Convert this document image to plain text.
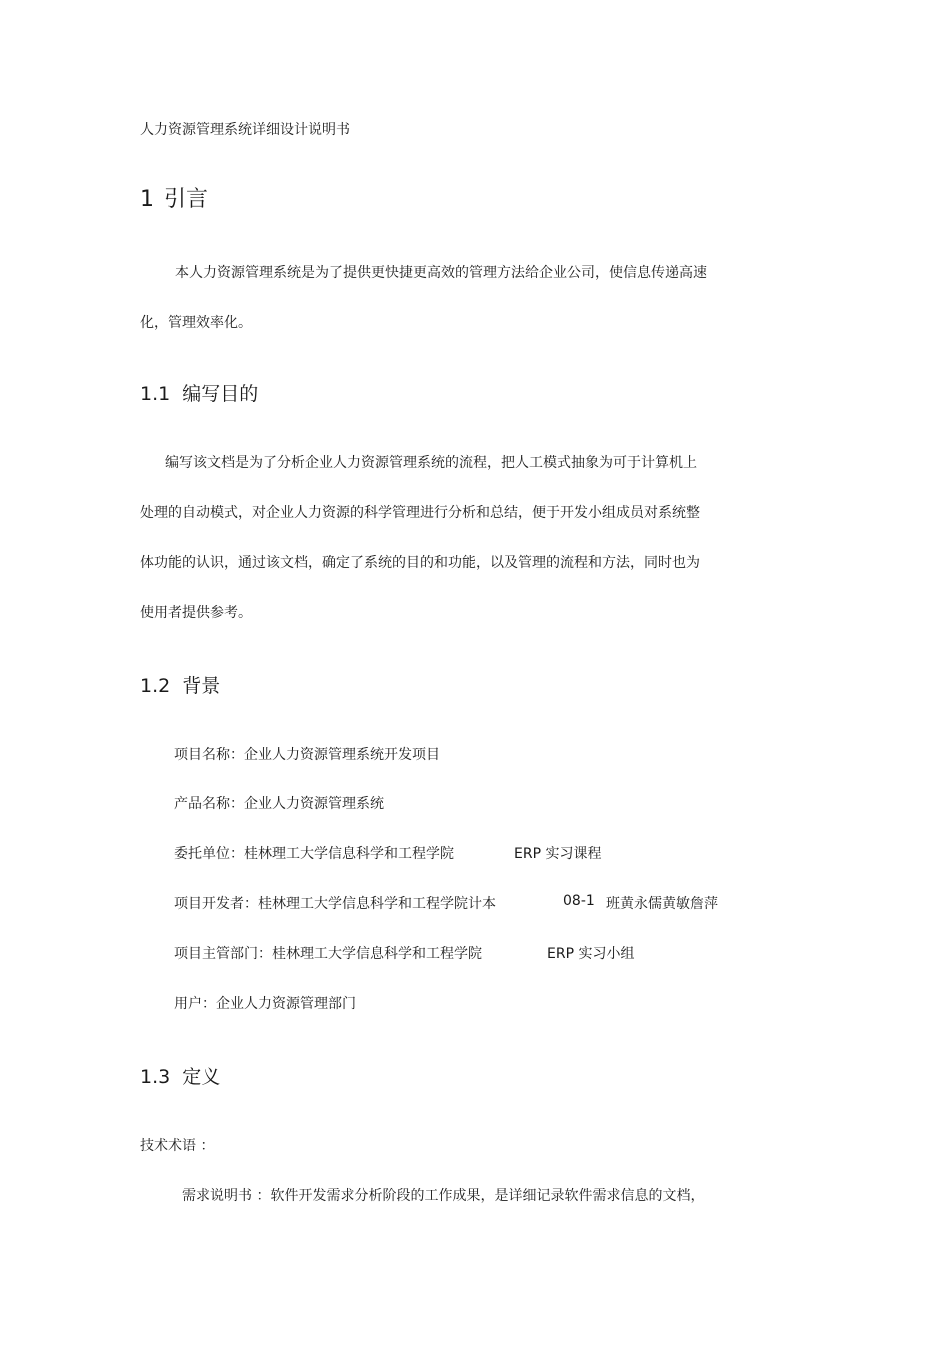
人力资源管理系统详细设计说明书

1 引言

本人力资源管理系统是为了提供更快捷更高效的管理方法给企业公司，使信息传递高速

化，管理效率化。

1.1 编写目的

编写该文档是为了分析企业人力资源管理系统的流程，把人工模式抽象为可于计算机上

处理的自动模式，对企业人力资源的科学管理进行分析和总结，便于开发小组成员对系统整

体功能的认识，通过该文档，确定了系统的目的和功能，以及管理的流程和方法，同时也为

使用者提供参考。

1.2 背景

项目名称：企业人力资源管理系统开发项目

产品名称：企业人力资源管理系统

委托单位：桂林理工大学信息科学和工程学院	ERP 实习课程

项目开发者：桂林理工大学信息科学和工程学院计本	08-1 班黄永儒黄敏詹萍

项目主管部门：桂林理工大学信息科学和工程学院	ERP 实习小组

用户：企业人力资源管理部门

1.3 定义

技术术语 ：

需求说明书 ：软件开发需求分析阶段的工作成果，是详细记录软件需求信息的文档，
